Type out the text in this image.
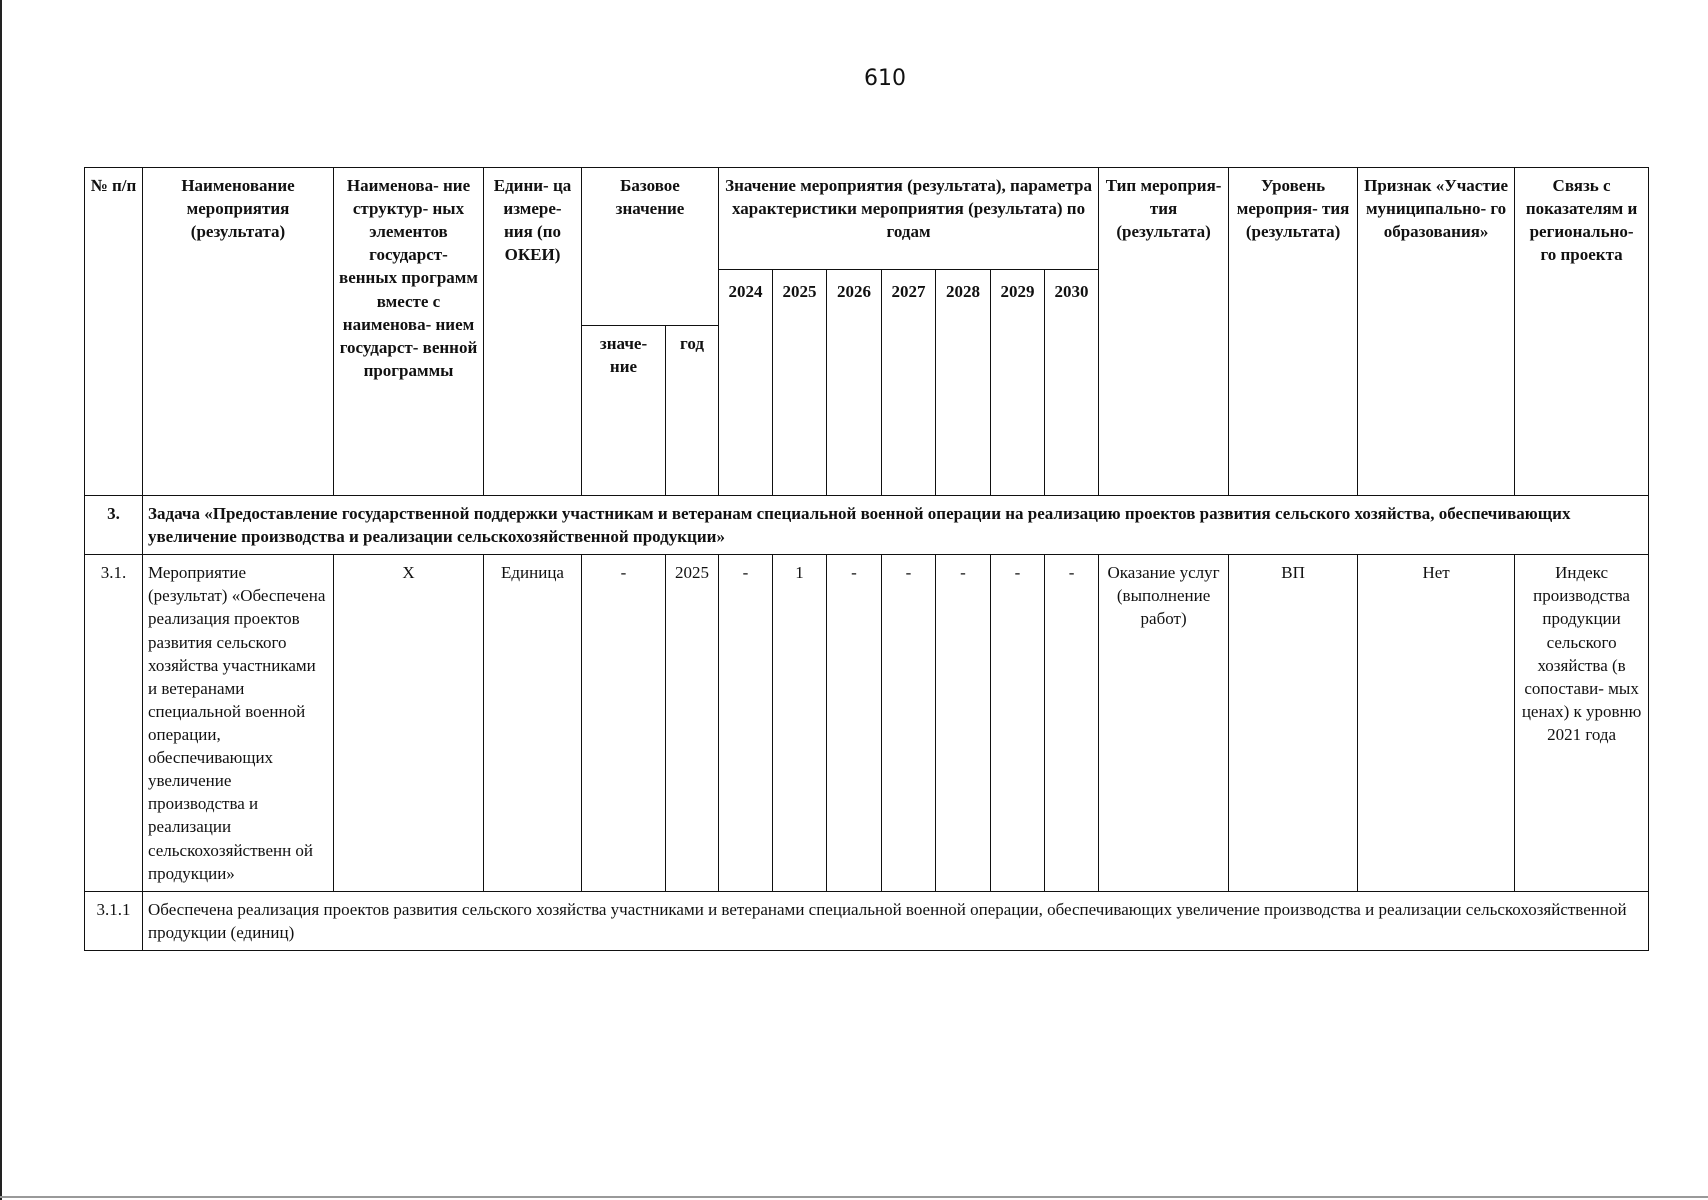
610
№ п/п	Наименование мероприятия (результата)	Наименова- ние структур- ных элементов государст- венных программ вместе с наименова- нием государст- венной программы	Едини- ца измере- ния (по ОКЕИ)	Базовое значение		Значение мероприятия (результата), параметра характеристики мероприятия (результата) по годам							Тип мероприя- тия (результата)	Уровень мероприя- тия (результата)	Признак «Участие муниципально- го образования»	Связь с показателям и регионально- го проекта
						2024	2025	2026	2027	2028	2029	2030				
				значе- ние	год											
3.	Задача «Предоставление государственной поддержки участникам и ветеранам специальной военной операции на реализацию проектов развития сельского хозяйства, обеспечивающих увеличение производства и реализации сельскохозяйственной продукции»															
3.1.	Мероприятие (результат) «Обеспечена реализация проектов развития сельского хозяйства участниками и ветеранами специальной военной операции, обеспечивающих увеличение производства и реализации сельскохозяйственн ой продукции»	X	Единица	-	2025	-	1	-	-	-	-	-	Оказание услуг (выполнение работ)	ВП	Нет	Индекс производства продукции сельского хозяйства (в сопостави- мых ценах) к уровню 2021 года
3.1.1	Обеспечена реализация проектов развития сельского хозяйства участниками и ветеранами специальной военной операции, обеспечивающих увеличение производства и реализации сельскохозяйственной продукции (единиц)															
